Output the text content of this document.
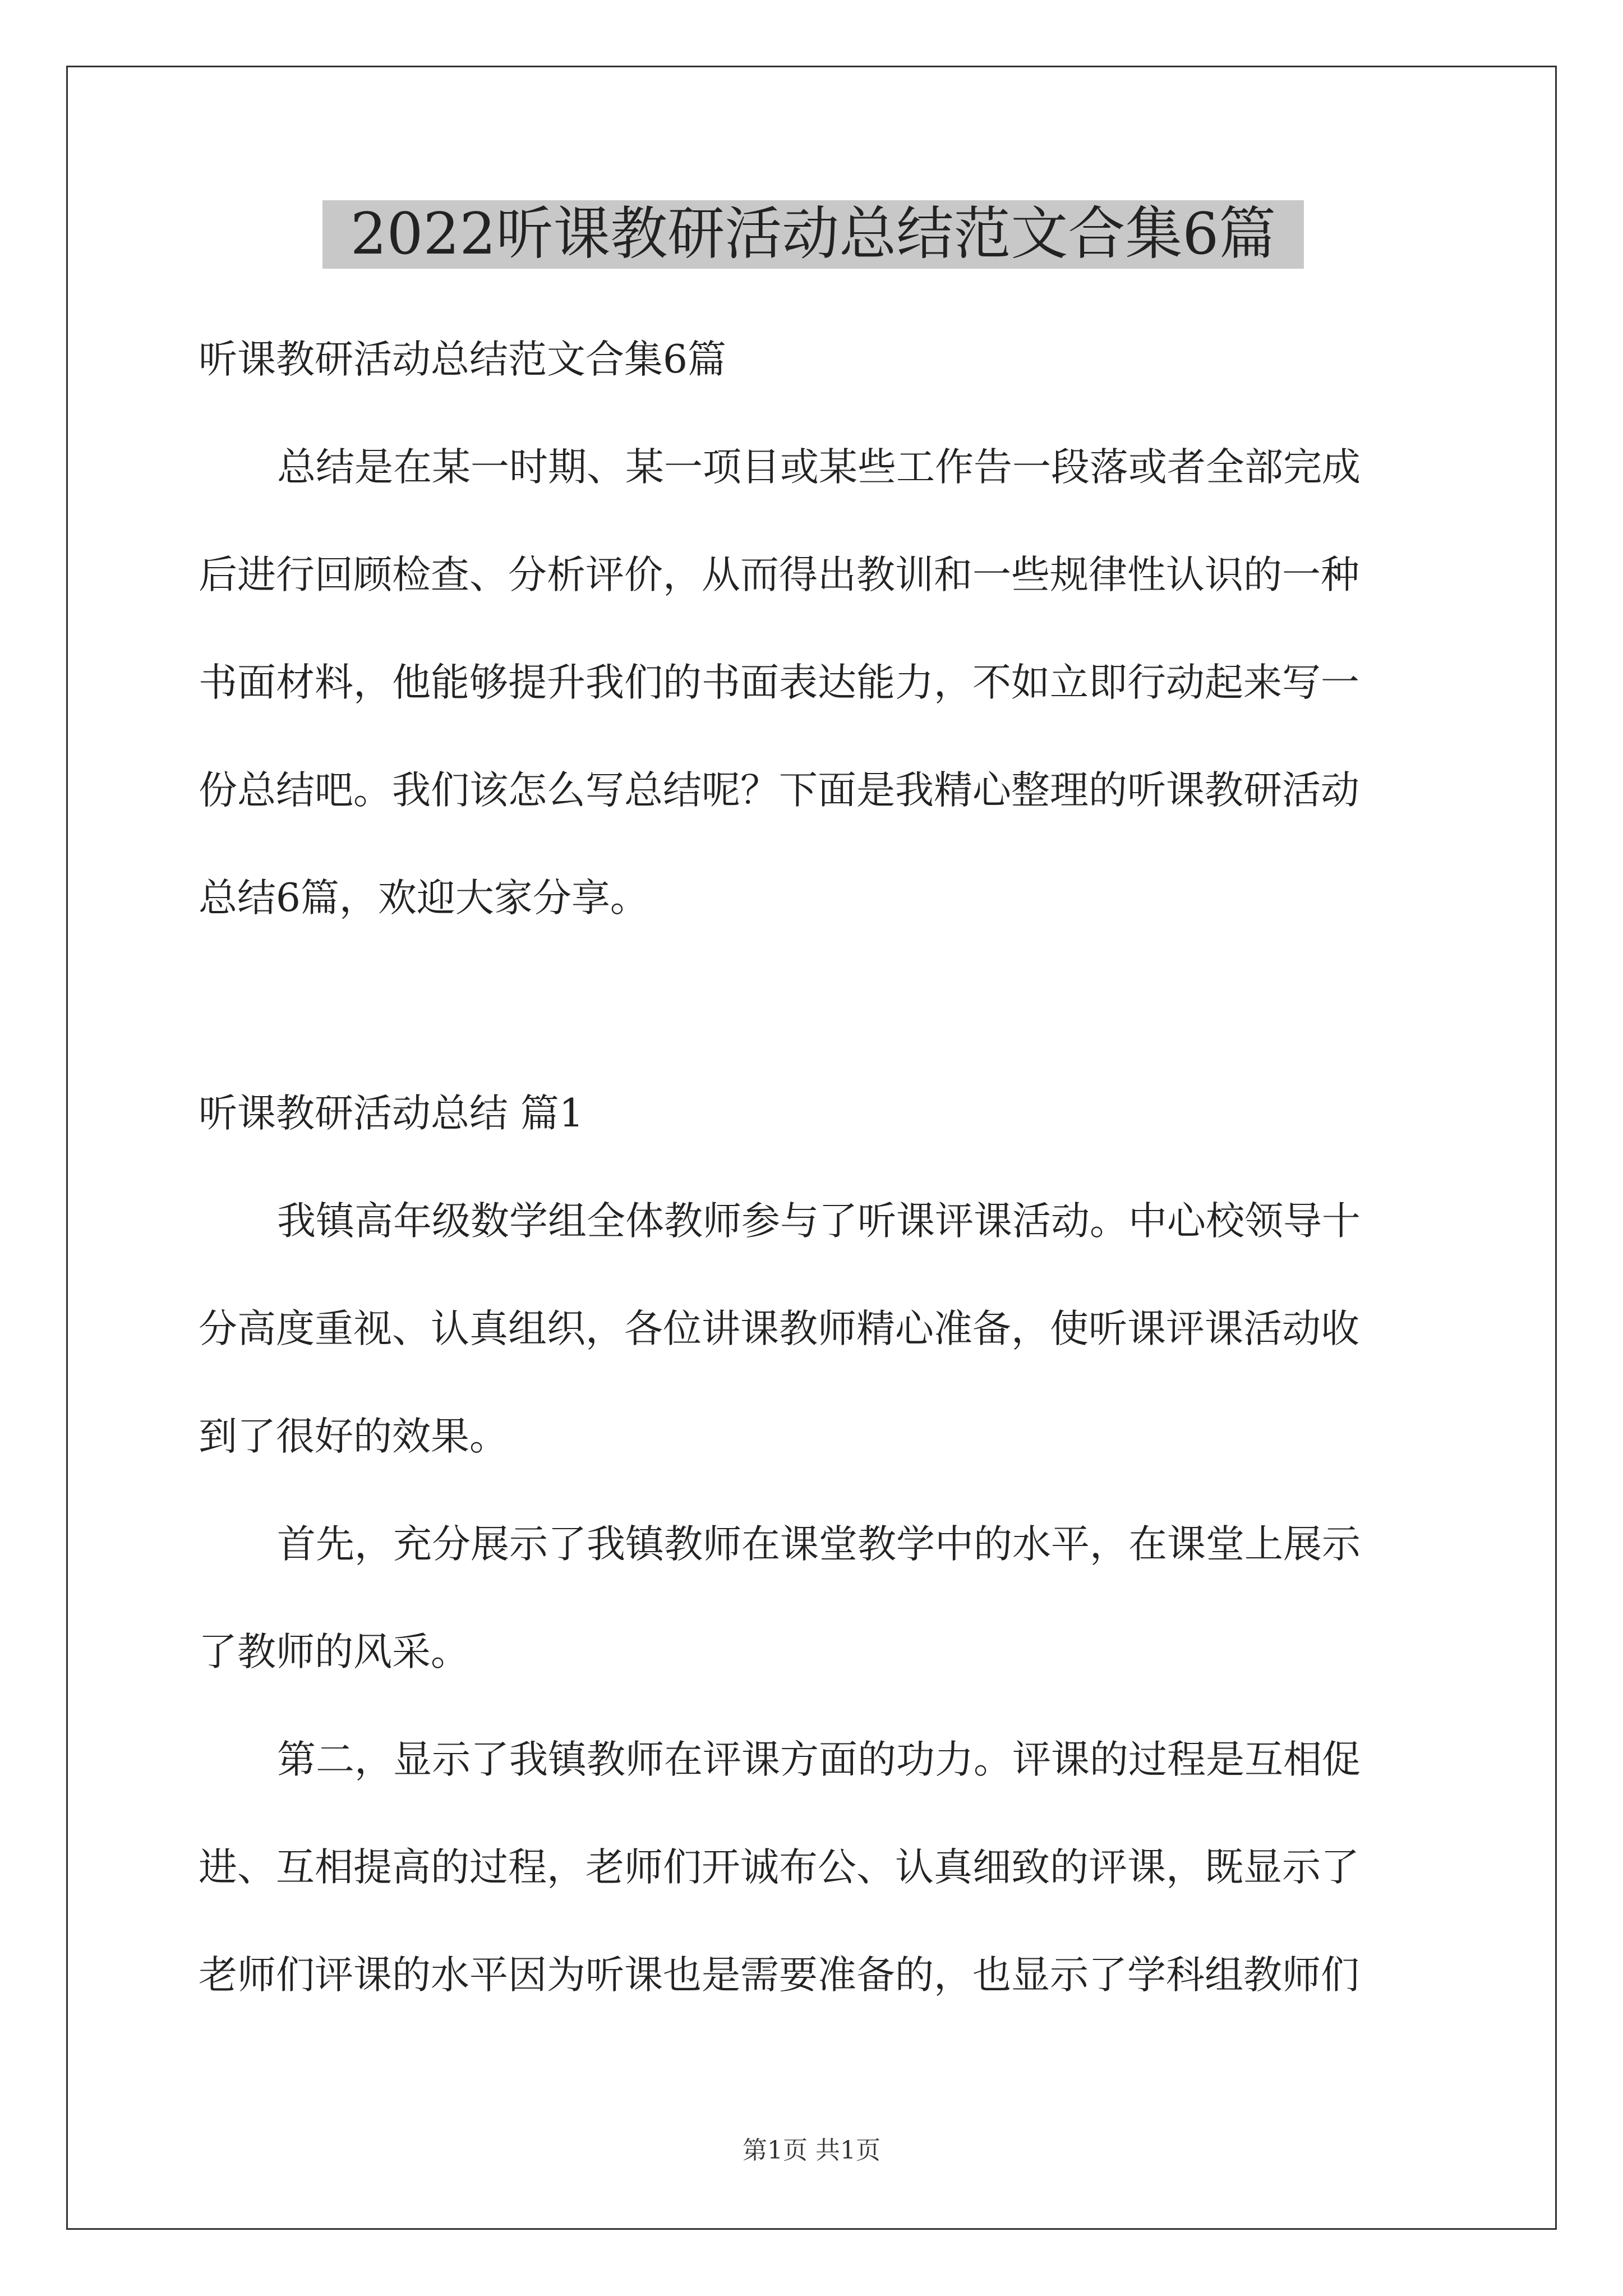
2022听课教研活动总结范文合集6篇

听课教研活动总结范文合集6篇

总结是在某一时期、某一项目或某些工作告一段落或者全部完成

后进行回顾检查、分析评价，从而得出教训和一些规律性认识的一种

书面材料，他能够提升我们的书面表达能力，不如立即行动起来写一

份总结吧。我们该怎么写总结呢？下面是我精心整理的听课教研活动

总结6篇，欢迎大家分享。

听课教研活动总结 篇1

我镇高年级数学组全体教师参与了听课评课活动。中心校领导十

分高度重视、认真组织，各位讲课教师精心准备，使听课评课活动收

到了很好的效果。

首先，充分展示了我镇教师在课堂教学中的水平，在课堂上展示

了教师的风采。

第二，显示了我镇教师在评课方面的功力。评课的过程是互相促

进、互相提高的过程，老师们开诚布公、认真细致的评课，既显示了

老师们评课的水平因为听课也是需要准备的，也显示了学科组教师们

第1页 共1页
